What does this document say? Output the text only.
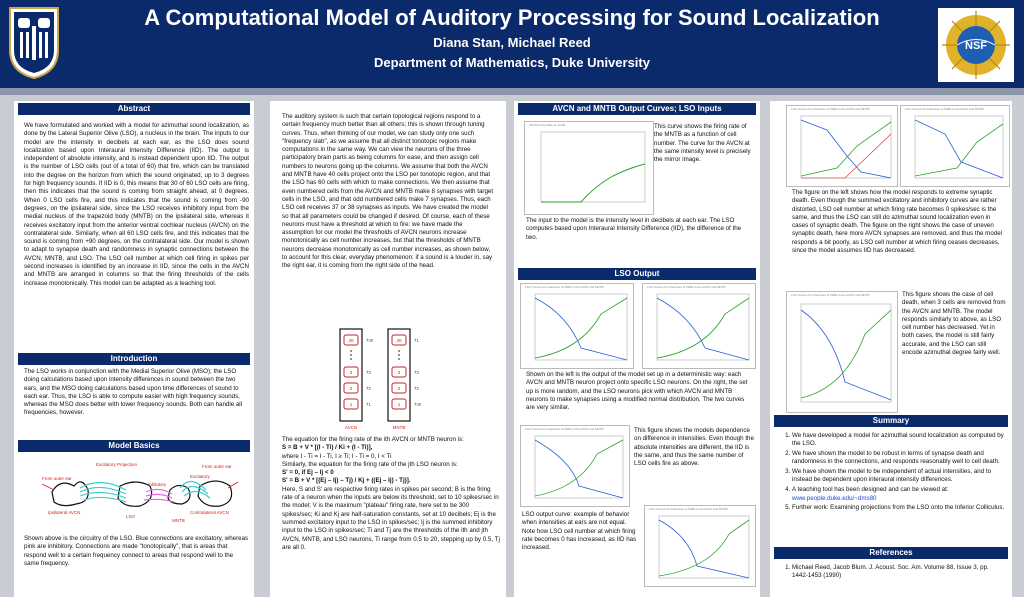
A Computational Model of Auditory Processing for Sound Localization
Diana Stan, Michael Reed
Department of Mathematics, Duke University
NSF
Abstract
We have formulated and worked with a model for azimuthal sound localization, as done by the Lateral Superior Olive (LSO), a nucleus in the brain. The inputs to our model are the intensity in decibels at each ear, as the LSO does sound localization based upon Interaural Intensity Difference (IID). The output is independent of absolute intensity, and is instead dependent upon IID. The output is the number of LSO cells (out of a total of 60) that fire, which can be translated into the degree on the horizon from which the sound originated, up to 3 degrees for high frequency sounds. If IID is 0, this means that 30 of 60 LSO cells are firing, then this indicates that the sound is coming from straight ahead, at 0 degrees. When 0 LSO cells fire, and this indicates that the sound is coming from -90 degrees, on the ipsilateral side, since the LSO receives inhibitory input from the medial nucleus of the trapezoid body (MNTB) on the ipsilateral side, whereas it receives excitatory input from the anterior ventral cochlear nucleus (AVCN) on the contralateral side. Similarly, when all 60 LSO cells fire, and this indicates that the sound is coming from +90 degrees, on the contralateral side. Our model is shown to adapt to synapse death and randomness in synaptic connections between the AVCN, MNTB, and LSO. The LSO cell number at which cell firing in spikes per second increases is identified by an increase in IID, since the cells in the AVCN and MNTB are arranged in columns so that the firing thresholds of the cells increase monotonically. This model can be adapted as a teaching tool.
Introduction
The LSO works in conjunction with the Medial Superior Olive (MSO); the LSO doing calculations based upon intensity differences in sound between the two ears, and the MSO doing calculations based upon time differences of sound to each ear. Thus, the LSO is able to compute easier with high frequency sounds, whereas the MSO does better with lower frequency sounds. Both can handle all frequencies, however.
Model Basics
Excitatory Projection
From outer ear
From outer ear
Excitatory
Inhibitory
Ipsilateral AVCN
LSO
MNTB
Contralateral AVCN
Shown above is the circuitry of the LSO. Blue connections are excitatory, whereas pink are inhibitory. Connections are made "tonotopically", that is areas that respond well to a certain frequency connect to areas that respond well to the same frequency.
The auditory system is such that certain topological regions respond to a certain frequency much better than all others; this is shown through tuning curves. Thus, when thinking of our model, we can study only one such "frequency slab", as we assume that all distinct tonotopic regions make computations in the same way. We can view the neurons of the three participatory brain parts as being columns for ease, and then assign cell numbers to neurons going up the columns. We assume that both the AVCN and MNTB have 40 cells project onto the LSO per tonotopic region, and that the LSO has 60 cells with which to make connections. We then assume that even numbered cells from the AVCN and MNTB make 8 synapses with target cells in the LSO, and that odd numbered cells make 7 synapses. Thus, each LSO cell receives 37 or 38 synapses as inputs. We have created the model so that all parameters could be changed if desired. Of course, each of these neurons must have a threshold at which to fire: we have made the assumption for our model the thresholds of AVCN neurons increase monotonically as cell number increases, but that the thresholds of MNTB neurons decrease monotonically as cell number increases, as shown below, to account for this clear, everyday phenomenon: if a sound is a louder in, say the right ear, it is coming from the right side of the head.
40
3
2
1
40
3
2
1
T40
T3
T2
T1
T1
T3
T2
T40
AVCN	MNTB

The equation for the firing rate of the ith AVCN or MNTB neuron is:

S = B + V * [(I - Ti) / Ki + (I - Ti)],

where I - Ti = I - Ti, I ≥ Ti; I - Ti = 0, I < Ti

Similarly, the equation for the firing rate of the jth LSO neuron is:

S' = 0, if Ej – Ij < 0

S' = B + V * [(Ej – Ij) – Tj) / Kj + ((Ej – Ij) - Tj)].

Here, S and S' are respective firing rates in spikes per second; B is the firing rate of a neuron when the inputs are below its threshold, set to 10 spikes/sec in the model; V is the maximum "plateau" firing rate, here set to be 300 spikes/sec; Ki and Kj are half-saturation constants, set at 10 decibels; Ej is the summed excitatory input to the LSO in spikes/sec; Ij is the summed inhibitory input to the LSO in spikes/sec; Ti and Tj are the thresholds of the ith and jth AVCN, MNTB, and LSO neurons, Ti range from 0.5 to 20, stepping up by 0.5, Tj are all 0.

AVCN and MNTB Output Curves; LSO Inputs
MNTB Firing Rate at 10 dB	This curve shows the firing rate of the MNTB as a function of cell number. The curve for the AVCN at the same intensity level is precisely the mirror image.
The input to the model is the intensity level in decibels at each ear. The LSO computes based upon Interaural Intensity Difference (IID), the difference of the two.
LSO Output
LSO Curves for Intensities of 50dB to the AVCN and MNTB	LSO Curves for Intensities of 50dB to the AVCN and MNTB
Shown on the left is the output of the model set up in a deterministic way: each AVCN and MNTB neuron project onto specific LSO neurons. On the right, the set up is more random, and the LSO neurons pick with which AVCN and MNTB neurons to make synapses using a modified normal distribution. The two curves are very similar.
LSO Curves for Intensities of 50dB to the AVCN and MNTB	This figure shows the models dependence on difference in intensities. Even though the absolute intensities are different, the IID is the same, and thus the same number of LSO cells fire as above.
LSO output curve: example of behavior when intensities at ears are not equal. Note how LSO cell number at which firing rate becomes 0 has increased, as IID has increased.
LSO Curves for Intensities of 50dB to the AVCN and MNTB
LSO Curves for Intensities of 50dB to the AVCN and MNTB	LSO Curves for Intensities of 50dB to the AVCN and MNTB
The figure on the left shows how the model responds to extreme synaptic death. Even though the summed excitatory and inhibitory curves are rather distorted, LSO cell number at which firing rate becomes 0 spikes/sec is the same, and thus the LSO can still do azimuthal sound localization even in cases of synaptic death. The figure on the right shows the case of uneven synaptic death, here more AVCN synapses are removed, and thus the model responds a bit poorly, as LSO cell number at which firing ceases decreases, since the model assumes IID has decreased.
LSO Curves for Intensities of 50dB to the AVCN and MNTB	This figure shows the case of cell death, when 3 cells are removed from the AVCN and MNTB. The model responds similarly to above, as LSO cell number has decreased. Yet in both cases, the model is still fairly accurate, and the LSO can still encode azimuthal degree fairly well.
Summary
1. We have developed a model for azimuthal sound localization as computed by the LSO.
2. We have shown the model to be robust in terms of synapse death and randomness in the connections, and responds reasonably well to cell death.
3. We have shown the model to be independent of actual intensities, and to instead be dependent upon interaural intensity differences.
4. A teaching tool has been designed and can be viewed at:
www.people.duke.edu/~dms80
5. Further work: Examining projections from the LSO onto the Inferior Colliculus.
References
1. Michael Reed, Jacob Blum. J. Acoust. Soc. Am. Volume 88, Issue 3, pp. 1442-1453 (1990)
